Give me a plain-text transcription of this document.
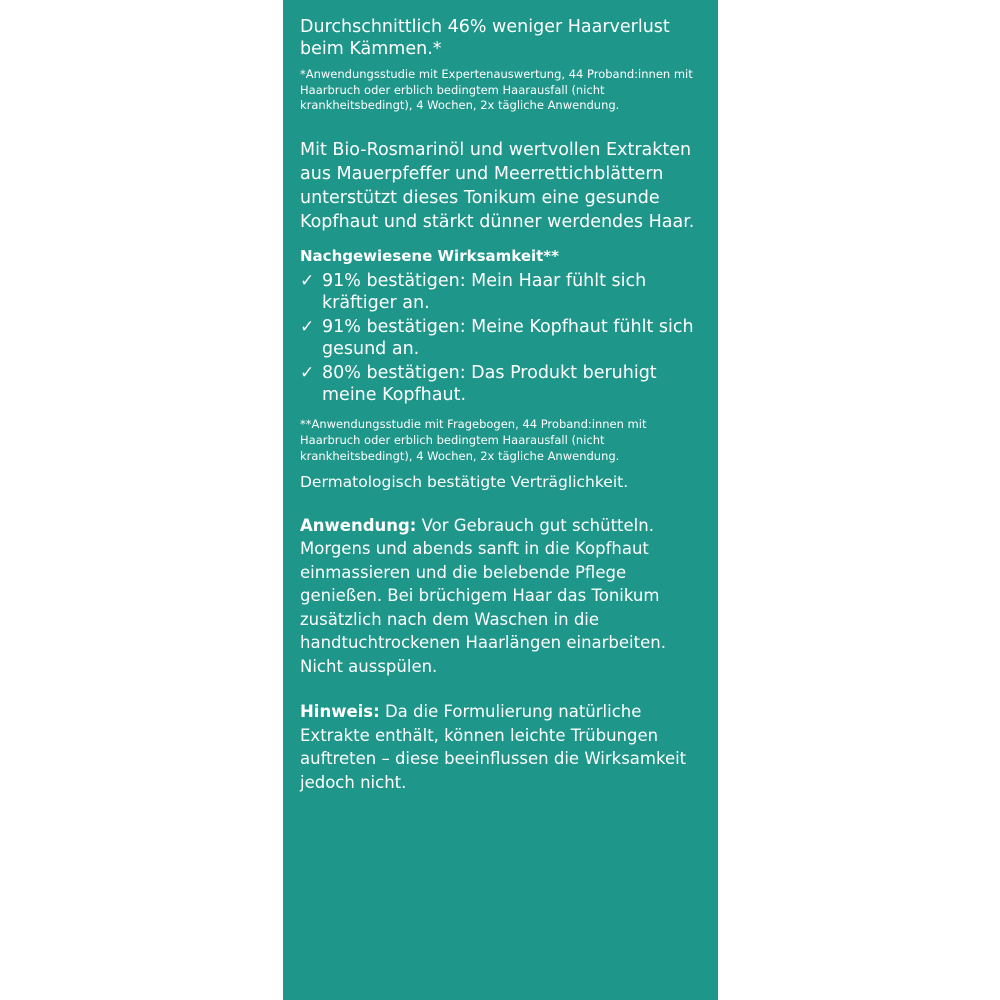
Durchschnittlich 46% weniger Haarverlust beim Kämmen.*

*Anwendungsstudie mit Expertenauswertung, 44 Proband:innen mit Haarbruch oder erblich bedingtem Haarausfall (nicht krankheitsbedingt), 4 Wochen, 2x tägliche Anwendung.

Mit Bio-Rosmarinöl und wertvollen Extrakten aus Mauerpfeffer und Meerrettichblättern unterstützt dieses Tonikum eine gesunde Kopfhaut und stärkt dünner werdendes Haar.

Nachgewiesene Wirksamkeit**

✓ 91% bestätigen: Mein Haar fühlt sich kräftiger an.
✓ 91% bestätigen: Meine Kopfhaut fühlt sich gesund an.
✓ 80% bestätigen: Das Produkt beruhigt meine Kopfhaut.

**Anwendungsstudie mit Fragebogen, 44 Proband:innen mit Haarbruch oder erblich bedingtem Haarausfall (nicht krankheitsbedingt), 4 Wochen, 2x tägliche Anwendung.

Dermatologisch bestätigte Verträglichkeit.

Anwendung: Vor Gebrauch gut schütteln. Morgens und abends sanft in die Kopfhaut einmassieren und die belebende Pflege genießen. Bei brüchigem Haar das Tonikum zusätzlich nach dem Waschen in die handtuchtrockenen Haarlängen einarbeiten. Nicht ausspülen.

Hinweis: Da die Formulierung natürliche Extrakte enthält, können leichte Trübungen auftreten – diese beeinflussen die Wirksamkeit jedoch nicht.
